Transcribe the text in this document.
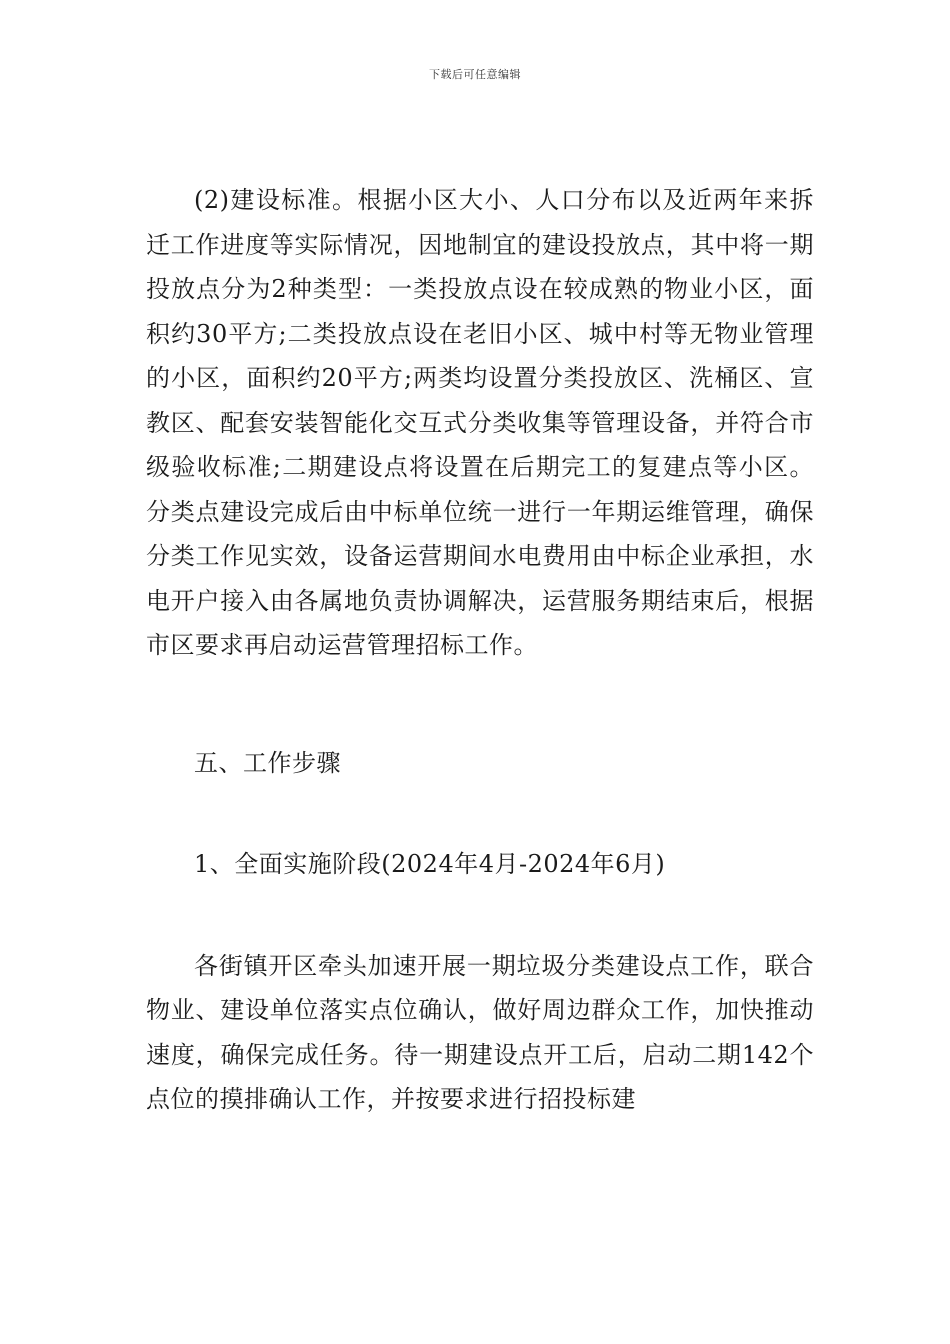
下载后可任意编辑

(2)建设标准。根据小区大小、人口分布以及近两年来拆迁工作进度等实际情况，因地制宜的建设投放点，其中将一期投放点分为2种类型：一类投放点设在较成熟的物业小区，面积约30平方;二类投放点设在老旧小区、城中村等无物业管理的小区，面积约20平方;两类均设置分类投放区、洗桶区、宣教区、配套安装智能化交互式分类收集等管理设备，并符合市级验收标准;二期建设点将设置在后期完工的复建点等小区。分类点建设完成后由中标单位统一进行一年期运维管理，确保分类工作见实效，设备运营期间水电费用由中标企业承担，水电开户接入由各属地负责协调解决，运营服务期结束后，根据市区要求再启动运营管理招标工作。

五、工作步骤

1、全面实施阶段(2024年4月-2024年6月)

各街镇开区牵头加速开展一期垃圾分类建设点工作，联合物业、建设单位落实点位确认，做好周边群众工作，加快推动速度，确保完成任务。待一期建设点开工后，启动二期142个点位的摸排确认工作，并按要求进行招投标建
